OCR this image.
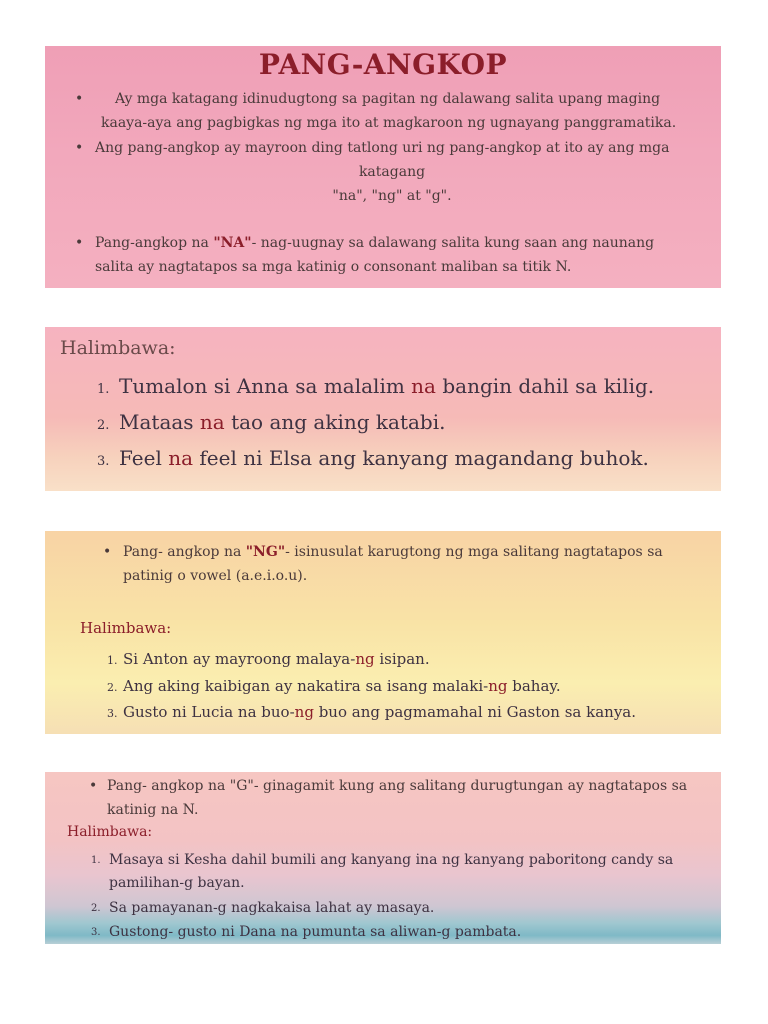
PANG-ANGKOP
• Ay mga katagang idinudugtong sa pagitan ng dalawang salita upang maging
kaaya-aya ang pagbigkas ng mga ito at magkaroon ng ugnayang panggramatika.
• Ang pang-angkop ay mayroon ding tatlong uri ng pang-angkop at ito ay ang mga
katagang
"na", "ng" at "g".
• Pang-angkop na "NA"- nag-uugnay sa dalawang salita kung saan ang naunang
salita ay nagtatapos sa mga katinig o consonant maliban sa titik N.
Halimbawa:
1. Tumalon si Anna sa malalim na bangin dahil sa kilig.
2. Mataas na tao ang aking katabi.
3. Feel na feel ni Elsa ang kanyang magandang buhok.
• Pang- angkop na "NG"- isinusulat karugtong ng mga salitang nagtatapos sa
patinig o vowel (a.e.i.o.u).
Halimbawa:
1. Si Anton ay mayroong malaya-ng isipan.
2. Ang aking kaibigan ay nakatira sa isang malaki-ng bahay.
3. Gusto ni Lucia na buo-ng buo ang pagmamahal ni Gaston sa kanya.
• Pang- angkop na "G"- ginagamit kung ang salitang durugtungan ay nagtatapos sa
katinig na N.
Halimbawa:
1. Masaya si Kesha dahil bumili ang kanyang ina ng kanyang paboritong candy sa
pamilihan-g bayan.
2. Sa pamayanan-g nagkakaisa lahat ay masaya.
3. Gustong- gusto ni Dana na pumunta sa aliwan-g pambata.
